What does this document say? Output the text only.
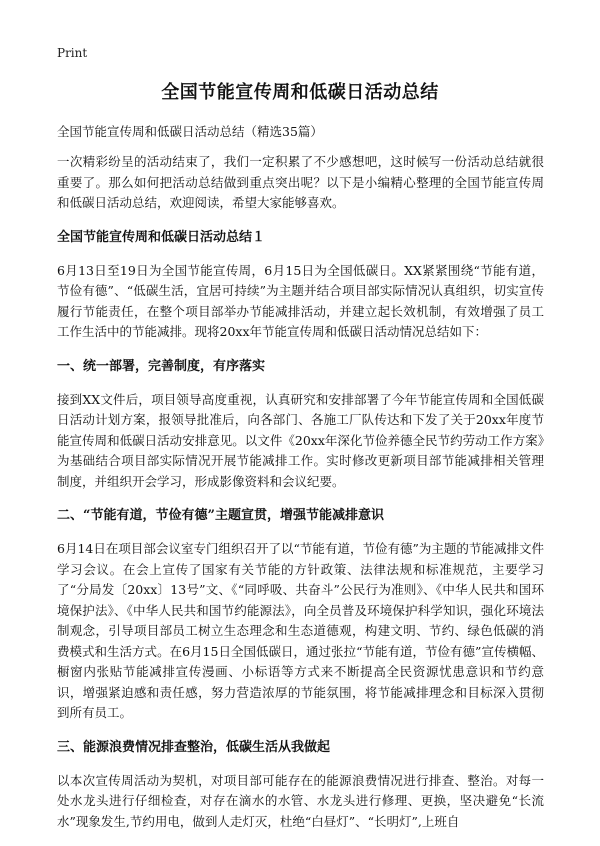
Print
全国节能宣传周和低碳日活动总结
全国节能宣传周和低碳日活动总结（精选35篇）

一次精彩纷呈的活动结束了，我们一定积累了不少感想吧，这时候写一份活动总结就很重要了。那么如何把活动总结做到重点突出呢？以下是小编精心整理的全国节能宣传周和低碳日活动总结，欢迎阅读，希望大家能够喜欢。

全国节能宣传周和低碳日活动总结１

6月13日至19日为全国节能宣传周，6月15日为全国低碳日。XX紧紧围绕“节能有道，节俭有德”、“低碳生活，宜居可持续”为主题并结合项目部实际情况认真组织，切实宣传履行节能责任，在整个项目部举办节能减排活动，并建立起长效机制，有效增强了员工工作生活中的节能减排。现将20xx年节能宣传周和低碳日活动情况总结如下：

一、统一部署，完善制度，有序落实

接到XX文件后，项目领导高度重视，认真研究和安排部署了今年节能宣传周和全国低碳日活动计划方案，报领导批准后，向各部门、各施工厂队传达和下发了关于20xx年度节能宣传周和低碳日活动安排意见。以文件《20xx年深化节俭养德全民节约劳动工作方案》为基础结合项目部实际情况开展节能减排工作。实时修改更新项目部节能减排相关管理制度，并组织开会学习，形成影像资料和会议纪要。

二、“节能有道，节俭有德”主题宣贯，增强节能减排意识

6月14日在项目部会议室专门组织召开了以“节能有道，节俭有德”为主题的节能减排文件学习会议。在会上宣传了国家有关节能的方针政策、法律法规和标准规范，主要学习了“分局发〔20xx〕13号”文、《“同呼吸、共奋斗”公民行为准则》、《中华人民共和国环境保护法》、《中华人民共和国节约能源法》，向全员普及环境保护科学知识，强化环境法制观念，引导项目部员工树立生态理念和生态道德观，构建文明、节约、绿色低碳的消费模式和生活方式。在6月15日全国低碳日，通过张拉“节能有道，节俭有德”宣传横幅、橱窗内张贴节能减排宣传漫画、小标语等方式来不断提高全民资源忧患意识和节约意识，增强紧迫感和责任感，努力营造浓厚的节能氛围，将节能减排理念和目标深入贯彻到所有员工。

三、能源浪费情况排查整治，低碳生活从我做起

以本次宣传周活动为契机，对项目部可能存在的能源浪费情况进行排查、整治。对每一处水龙头进行仔细检查，对存在滴水的水管、水龙头进行修理、更换，坚决避免“长流水”现象发生,节约用电，做到人走灯灭，杜绝“白昼灯”、“长明灯”,上班自
